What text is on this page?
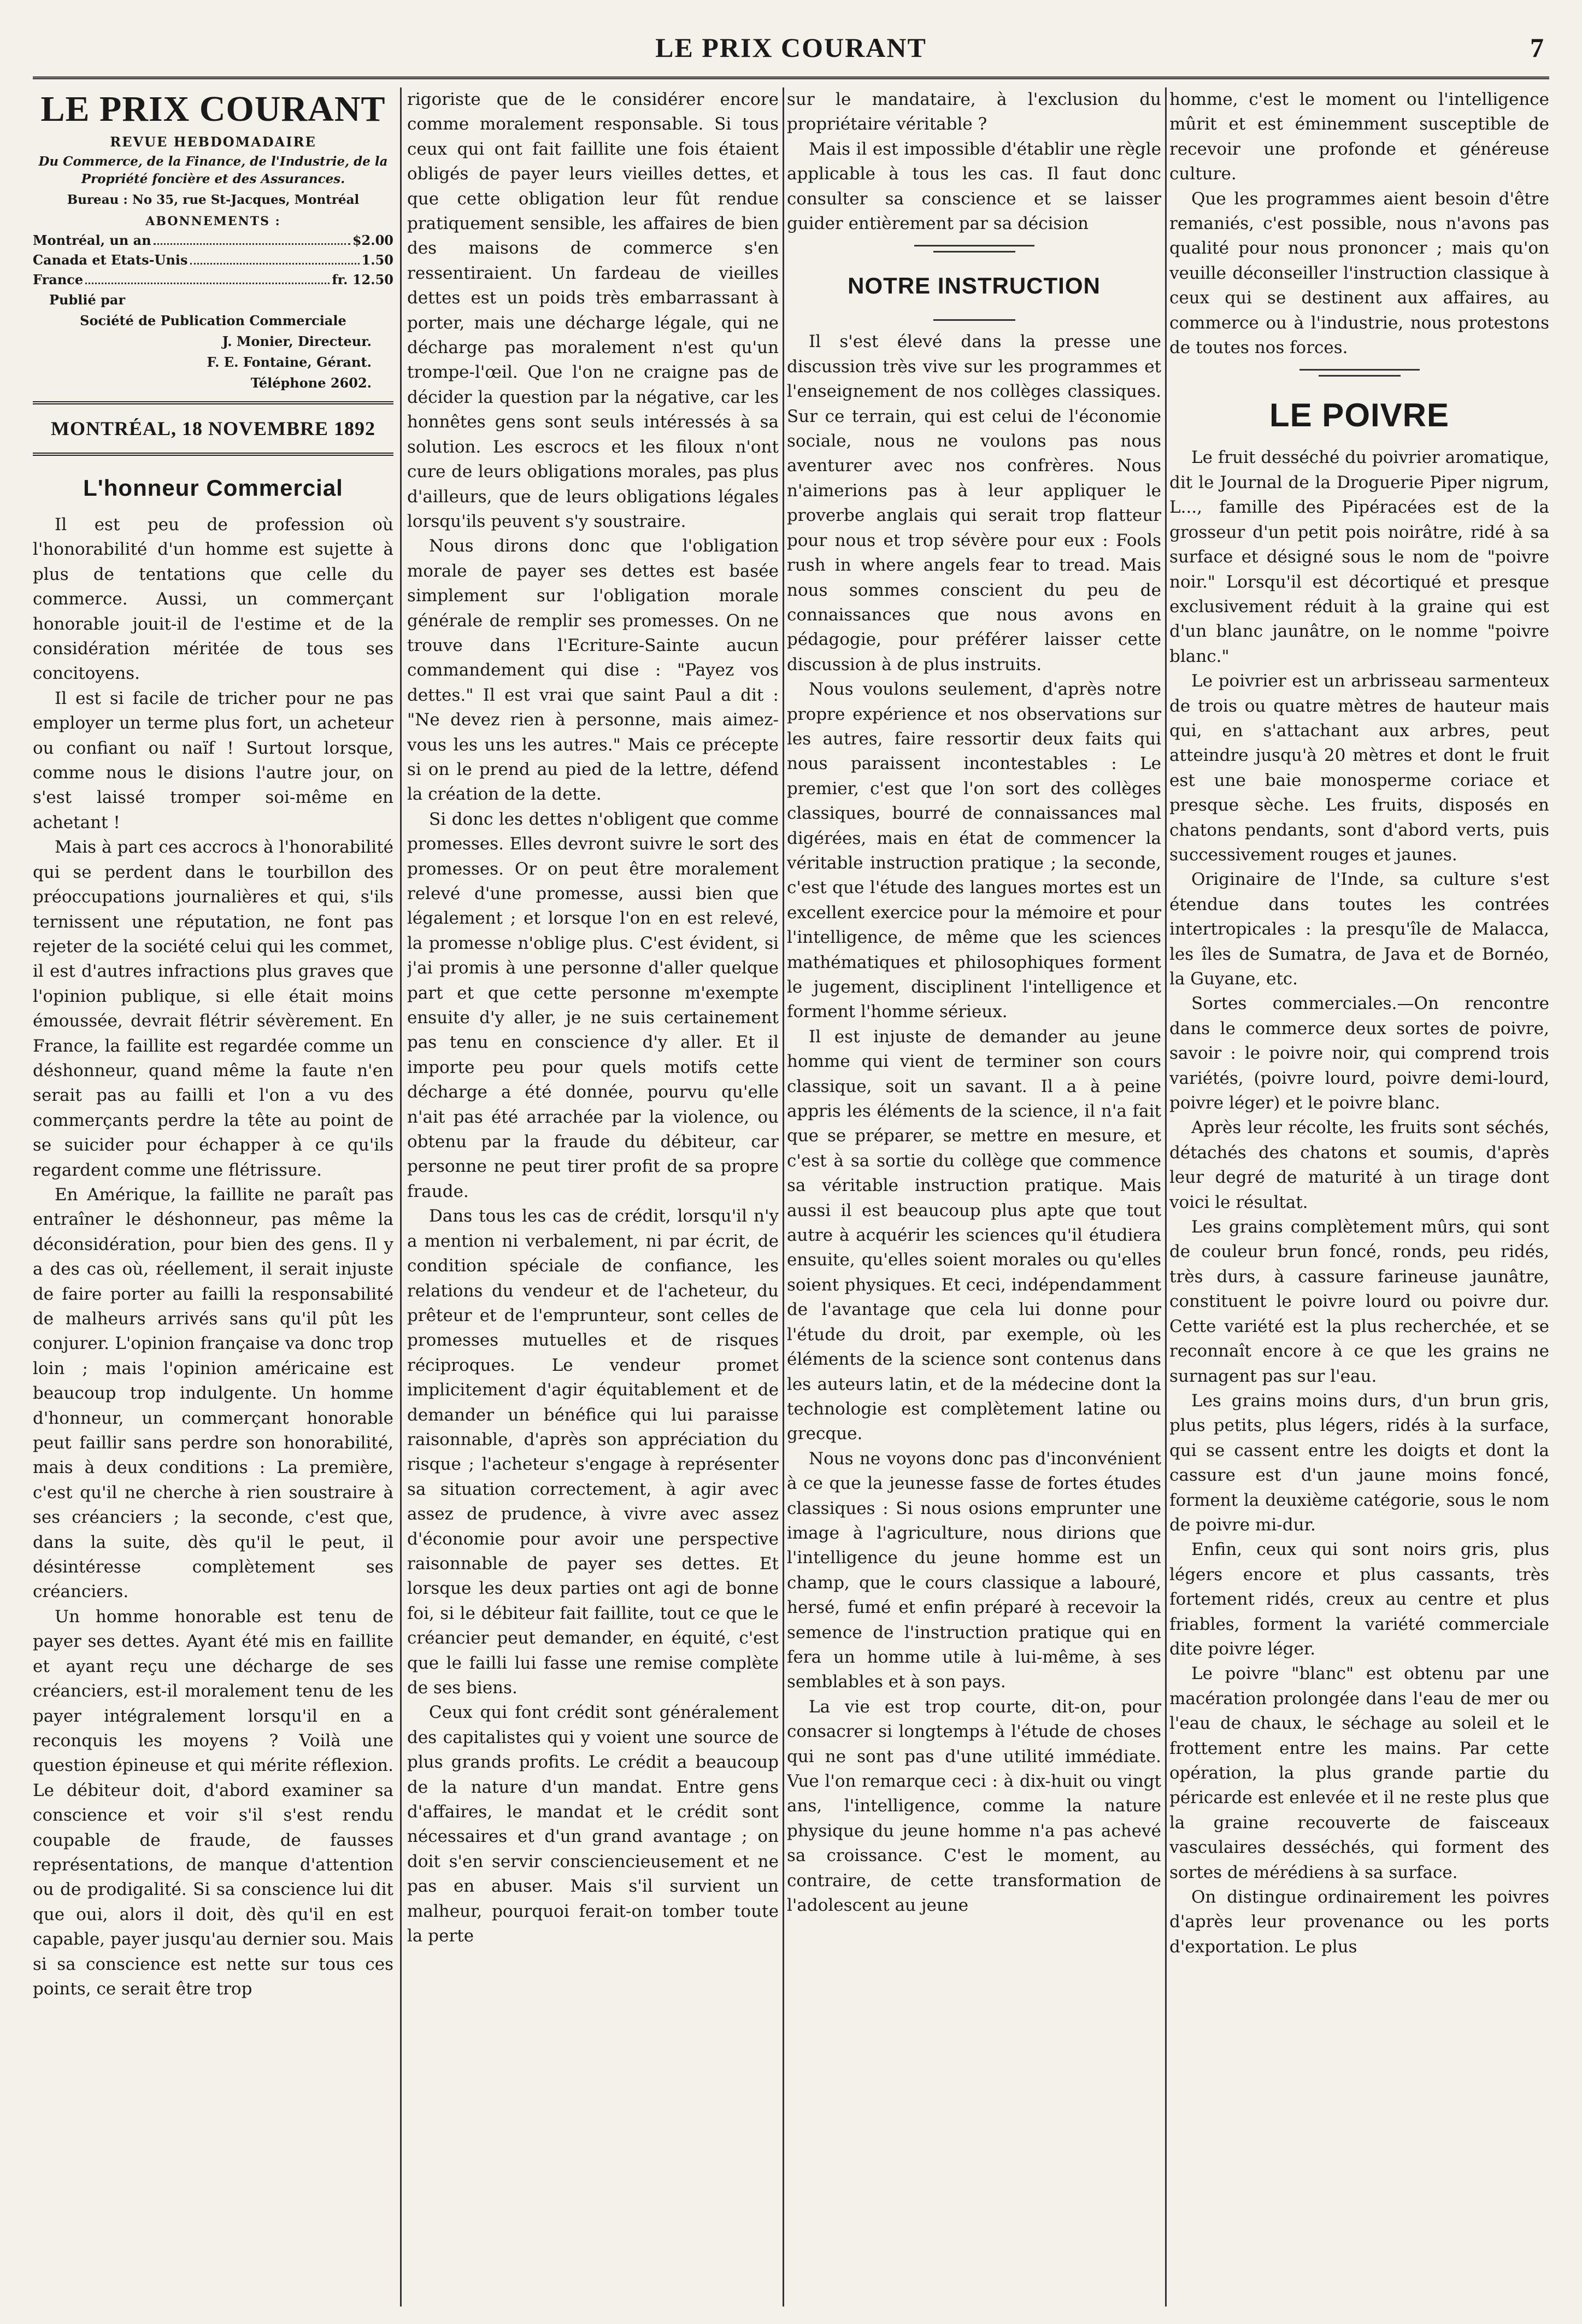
LE PRIX COURANT	7
LE PRIX COURANT
REVUE HEBDOMADAIRE
Du Commerce, de la Finance, de l'Industrie, de la Propriété foncière et des Assurances.
Bureau : No 35, rue St-Jacques, Montréal
ABONNEMENTS :
Montréal, un an	$2.00
Canada et Etats-Unis	1.50
France	fr. 12.50
Publié par
Société de Publication Commerciale
J. Monier, Directeur.
F. E. Fontaine, Gérant.
Téléphone 2602.
MONTRÉAL, 18 NOVEMBRE 1892
L'honneur Commercial

Il est peu de profession où l'honorabilité d'un homme est sujette à plus de tentations que celle du commerce. Aussi, un commerçant honorable jouit-il de l'estime et de la considération méritée de tous ses concitoyens.

Il est si facile de tricher pour ne pas employer un terme plus fort, un acheteur ou confiant ou naïf ! Surtout lorsque, comme nous le disions l'autre jour, on s'est laissé tromper soi-même en achetant !

Mais à part ces accrocs à l'honorabilité qui se perdent dans le tourbillon des préoccupations journalières et qui, s'ils ternissent une réputation, ne font pas rejeter de la société celui qui les commet, il est d'autres infractions plus graves que l'opinion publique, si elle était moins émoussée, devrait flétrir sévèrement. En France, la faillite est regardée comme un déshonneur, quand même la faute n'en serait pas au failli et l'on a vu des commerçants perdre la tête au point de se suicider pour échapper à ce qu'ils regardent comme une flétrissure.

En Amérique, la faillite ne paraît pas entraîner le déshonneur, pas même la déconsidération, pour bien des gens. Il y a des cas où, réellement, il serait injuste de faire porter au failli la responsabilité de malheurs arrivés sans qu'il pût les conjurer. L'opinion française va donc trop loin ; mais l'opinion américaine est beaucoup trop indulgente. Un homme d'honneur, un commerçant honorable peut faillir sans perdre son honorabilité, mais à deux conditions : La première, c'est qu'il ne cherche à rien soustraire à ses créanciers ; la seconde, c'est que, dans la suite, dès qu'il le peut, il désintéresse complètement ses créanciers.

Un homme honorable est tenu de payer ses dettes. Ayant été mis en faillite et ayant reçu une décharge de ses créanciers, est-il moralement tenu de les payer intégralement lorsqu'il en a reconquis les moyens ? Voilà une question épineuse et qui mérite réflexion. Le débiteur doit, d'abord examiner sa conscience et voir s'il s'est rendu coupable de fraude, de fausses représentations, de manque d'attention ou de prodigalité. Si sa conscience lui dit que oui, alors il doit, dès qu'il en est capable, payer jusqu'au dernier sou. Mais si sa conscience est nette sur tous ces points, ce serait être trop

rigoriste que de le considérer encore comme moralement responsable. Si tous ceux qui ont fait faillite une fois étaient obligés de payer leurs vieilles dettes, et que cette obligation leur fût rendue pratiquement sensible, les affaires de bien des maisons de commerce s'en ressentiraient. Un fardeau de vieilles dettes est un poids très embarrassant à porter, mais une décharge légale, qui ne décharge pas moralement n'est qu'un trompe-l'œil. Que l'on ne craigne pas de décider la question par la négative, car les honnêtes gens sont seuls intéressés à sa solution. Les escrocs et les filoux n'ont cure de leurs obligations morales, pas plus d'ailleurs, que de leurs obligations légales lorsqu'ils peuvent s'y soustraire.

Nous dirons donc que l'obligation morale de payer ses dettes est basée simplement sur l'obligation morale générale de remplir ses promesses. On ne trouve dans l'Ecriture-Sainte aucun commandement qui dise : "Payez vos dettes." Il est vrai que saint Paul a dit : "Ne devez rien à personne, mais aimez-vous les uns les autres." Mais ce précepte si on le prend au pied de la lettre, défend la création de la dette.

Si donc les dettes n'obligent que comme promesses. Elles devront suivre le sort des promesses. Or on peut être moralement relevé d'une promesse, aussi bien que légalement ; et lorsque l'on en est relevé, la promesse n'oblige plus. C'est évident, si j'ai promis à une personne d'aller quelque part et que cette personne m'exempte ensuite d'y aller, je ne suis certainement pas tenu en conscience d'y aller. Et il importe peu pour quels motifs cette décharge a été donnée, pourvu qu'elle n'ait pas été arrachée par la violence, ou obtenu par la fraude du débiteur, car personne ne peut tirer profit de sa propre fraude.

Dans tous les cas de crédit, lorsqu'il n'y a mention ni verbalement, ni par écrit, de condition spéciale de confiance, les relations du vendeur et de l'acheteur, du prêteur et de l'emprunteur, sont celles de promesses mutuelles et de risques réciproques. Le vendeur promet implicitement d'agir équitablement et de demander un bénéfice qui lui paraisse raisonnable, d'après son appréciation du risque ; l'acheteur s'engage à représenter sa situation correctement, à agir avec assez de prudence, à vivre avec assez d'économie pour avoir une perspective raisonnable de payer ses dettes. Et lorsque les deux parties ont agi de bonne foi, si le débiteur fait faillite, tout ce que le créancier peut demander, en équité, c'est que le failli lui fasse une remise complète de ses biens.

Ceux qui font crédit sont généralement des capitalistes qui y voient une source de plus grands profits. Le crédit a beaucoup de la nature d'un mandat. Entre gens d'affaires, le mandat et le crédit sont nécessaires et d'un grand avantage ; on doit s'en servir consciencieusement et ne pas en abuser. Mais s'il survient un malheur, pourquoi ferait-on tomber toute la perte

sur le mandataire, à l'exclusion du propriétaire véritable ?

Mais il est impossible d'établir une règle applicable à tous les cas. Il faut donc consulter sa conscience et se laisser guider entièrement par sa décision

NOTRE INSTRUCTION

Il s'est élevé dans la presse une discussion très vive sur les programmes et l'enseignement de nos collèges classiques. Sur ce terrain, qui est celui de l'économie sociale, nous ne voulons pas nous aventurer avec nos confrères. Nous n'aimerions pas à leur appliquer le proverbe anglais qui serait trop flatteur pour nous et trop sévère pour eux : Fools rush in where angels fear to tread. Mais nous sommes conscient du peu de connaissances que nous avons en pédagogie, pour préférer laisser cette discussion à de plus instruits.

Nous voulons seulement, d'après notre propre expérience et nos observations sur les autres, faire ressortir deux faits qui nous paraissent incontestables : Le premier, c'est que l'on sort des collèges classiques, bourré de connaissances mal digérées, mais en état de commencer la véritable instruction pratique ; la seconde, c'est que l'étude des langues mortes est un excellent exercice pour la mémoire et pour l'intelligence, de même que les sciences mathématiques et philosophiques forment le jugement, disciplinent l'intelligence et forment l'homme sérieux.

Il est injuste de demander au jeune homme qui vient de terminer son cours classique, soit un savant. Il a à peine appris les éléments de la science, il n'a fait que se préparer, se mettre en mesure, et c'est à sa sortie du collège que commence sa véritable instruction pratique. Mais aussi il est beaucoup plus apte que tout autre à acquérir les sciences qu'il étudiera ensuite, qu'elles soient morales ou qu'elles soient physiques. Et ceci, indépendamment de l'avantage que cela lui donne pour l'étude du droit, par exemple, où les éléments de la science sont contenus dans les auteurs latin, et de la médecine dont la technologie est complètement latine ou grecque.

Nous ne voyons donc pas d'inconvénient à ce que la jeunesse fasse de fortes études classiques : Si nous osions emprunter une image à l'agriculture, nous dirions que l'intelligence du jeune homme est un champ, que le cours classique a labouré, hersé, fumé et enfin préparé à recevoir la semence de l'instruction pratique qui en fera un homme utile à lui-même, à ses semblables et à son pays.

La vie est trop courte, dit-on, pour consacrer si longtemps à l'étude de choses qui ne sont pas d'une utilité immédiate. Vue l'on remarque ceci : à dix-huit ou vingt ans, l'intelligence, comme la nature physique du jeune homme n'a pas achevé sa croissance. C'est le moment, au contraire, de cette transformation de l'adolescent au jeune

homme, c'est le moment ou l'intelligence mûrit et est éminemment susceptible de recevoir une profonde et généreuse culture.

Que les programmes aient besoin d'être remaniés, c'est possible, nous n'avons pas qualité pour nous prononcer ; mais qu'on veuille déconseiller l'instruction classique à ceux qui se destinent aux affaires, au commerce ou à l'industrie, nous protestons de toutes nos forces.

LE POIVRE

Le fruit desséché du poivrier aromatique, dit le Journal de la Droguerie Piper nigrum, L..., famille des Pipéracées est de la grosseur d'un petit pois noirâtre, ridé à sa surface et désigné sous le nom de "poivre noir." Lorsqu'il est décortiqué et presque exclusivement réduit à la graine qui est d'un blanc jaunâtre, on le nomme "poivre blanc."

Le poivrier est un arbrisseau sarmenteux de trois ou quatre mètres de hauteur mais qui, en s'attachant aux arbres, peut atteindre jusqu'à 20 mètres et dont le fruit est une baie monosperme coriace et presque sèche. Les fruits, disposés en chatons pendants, sont d'abord verts, puis successivement rouges et jaunes.

Originaire de l'Inde, sa culture s'est étendue dans toutes les contrées intertropicales : la presqu'île de Malacca, les îles de Sumatra, de Java et de Bornéo, la Guyane, etc.

Sortes commerciales.—On rencontre dans le commerce deux sortes de poivre, savoir : le poivre noir, qui comprend trois variétés, (poivre lourd, poivre demi-lourd, poivre léger) et le poivre blanc.

Après leur récolte, les fruits sont séchés, détachés des chatons et soumis, d'après leur degré de maturité à un tirage dont voici le résultat.

Les grains complètement mûrs, qui sont de couleur brun foncé, ronds, peu ridés, très durs, à cassure farineuse jaunâtre, constituent le poivre lourd ou poivre dur. Cette variété est la plus recherchée, et se reconnaît encore à ce que les grains ne surnagent pas sur l'eau.

Les grains moins durs, d'un brun gris, plus petits, plus légers, ridés à la surface, qui se cassent entre les doigts et dont la cassure est d'un jaune moins foncé, forment la deuxième catégorie, sous le nom de poivre mi-dur.

Enfin, ceux qui sont noirs gris, plus légers encore et plus cassants, très fortement ridés, creux au centre et plus friables, forment la variété commerciale dite poivre léger.

Le poivre "blanc" est obtenu par une macération prolongée dans l'eau de mer ou l'eau de chaux, le séchage au soleil et le frottement entre les mains. Par cette opération, la plus grande partie du péricarde est enlevée et il ne reste plus que la graine recouverte de faisceaux vasculaires desséchés, qui forment des sortes de mérédiens à sa surface.

On distingue ordinairement les poivres d'après leur provenance ou les ports d'exportation. Le plus
